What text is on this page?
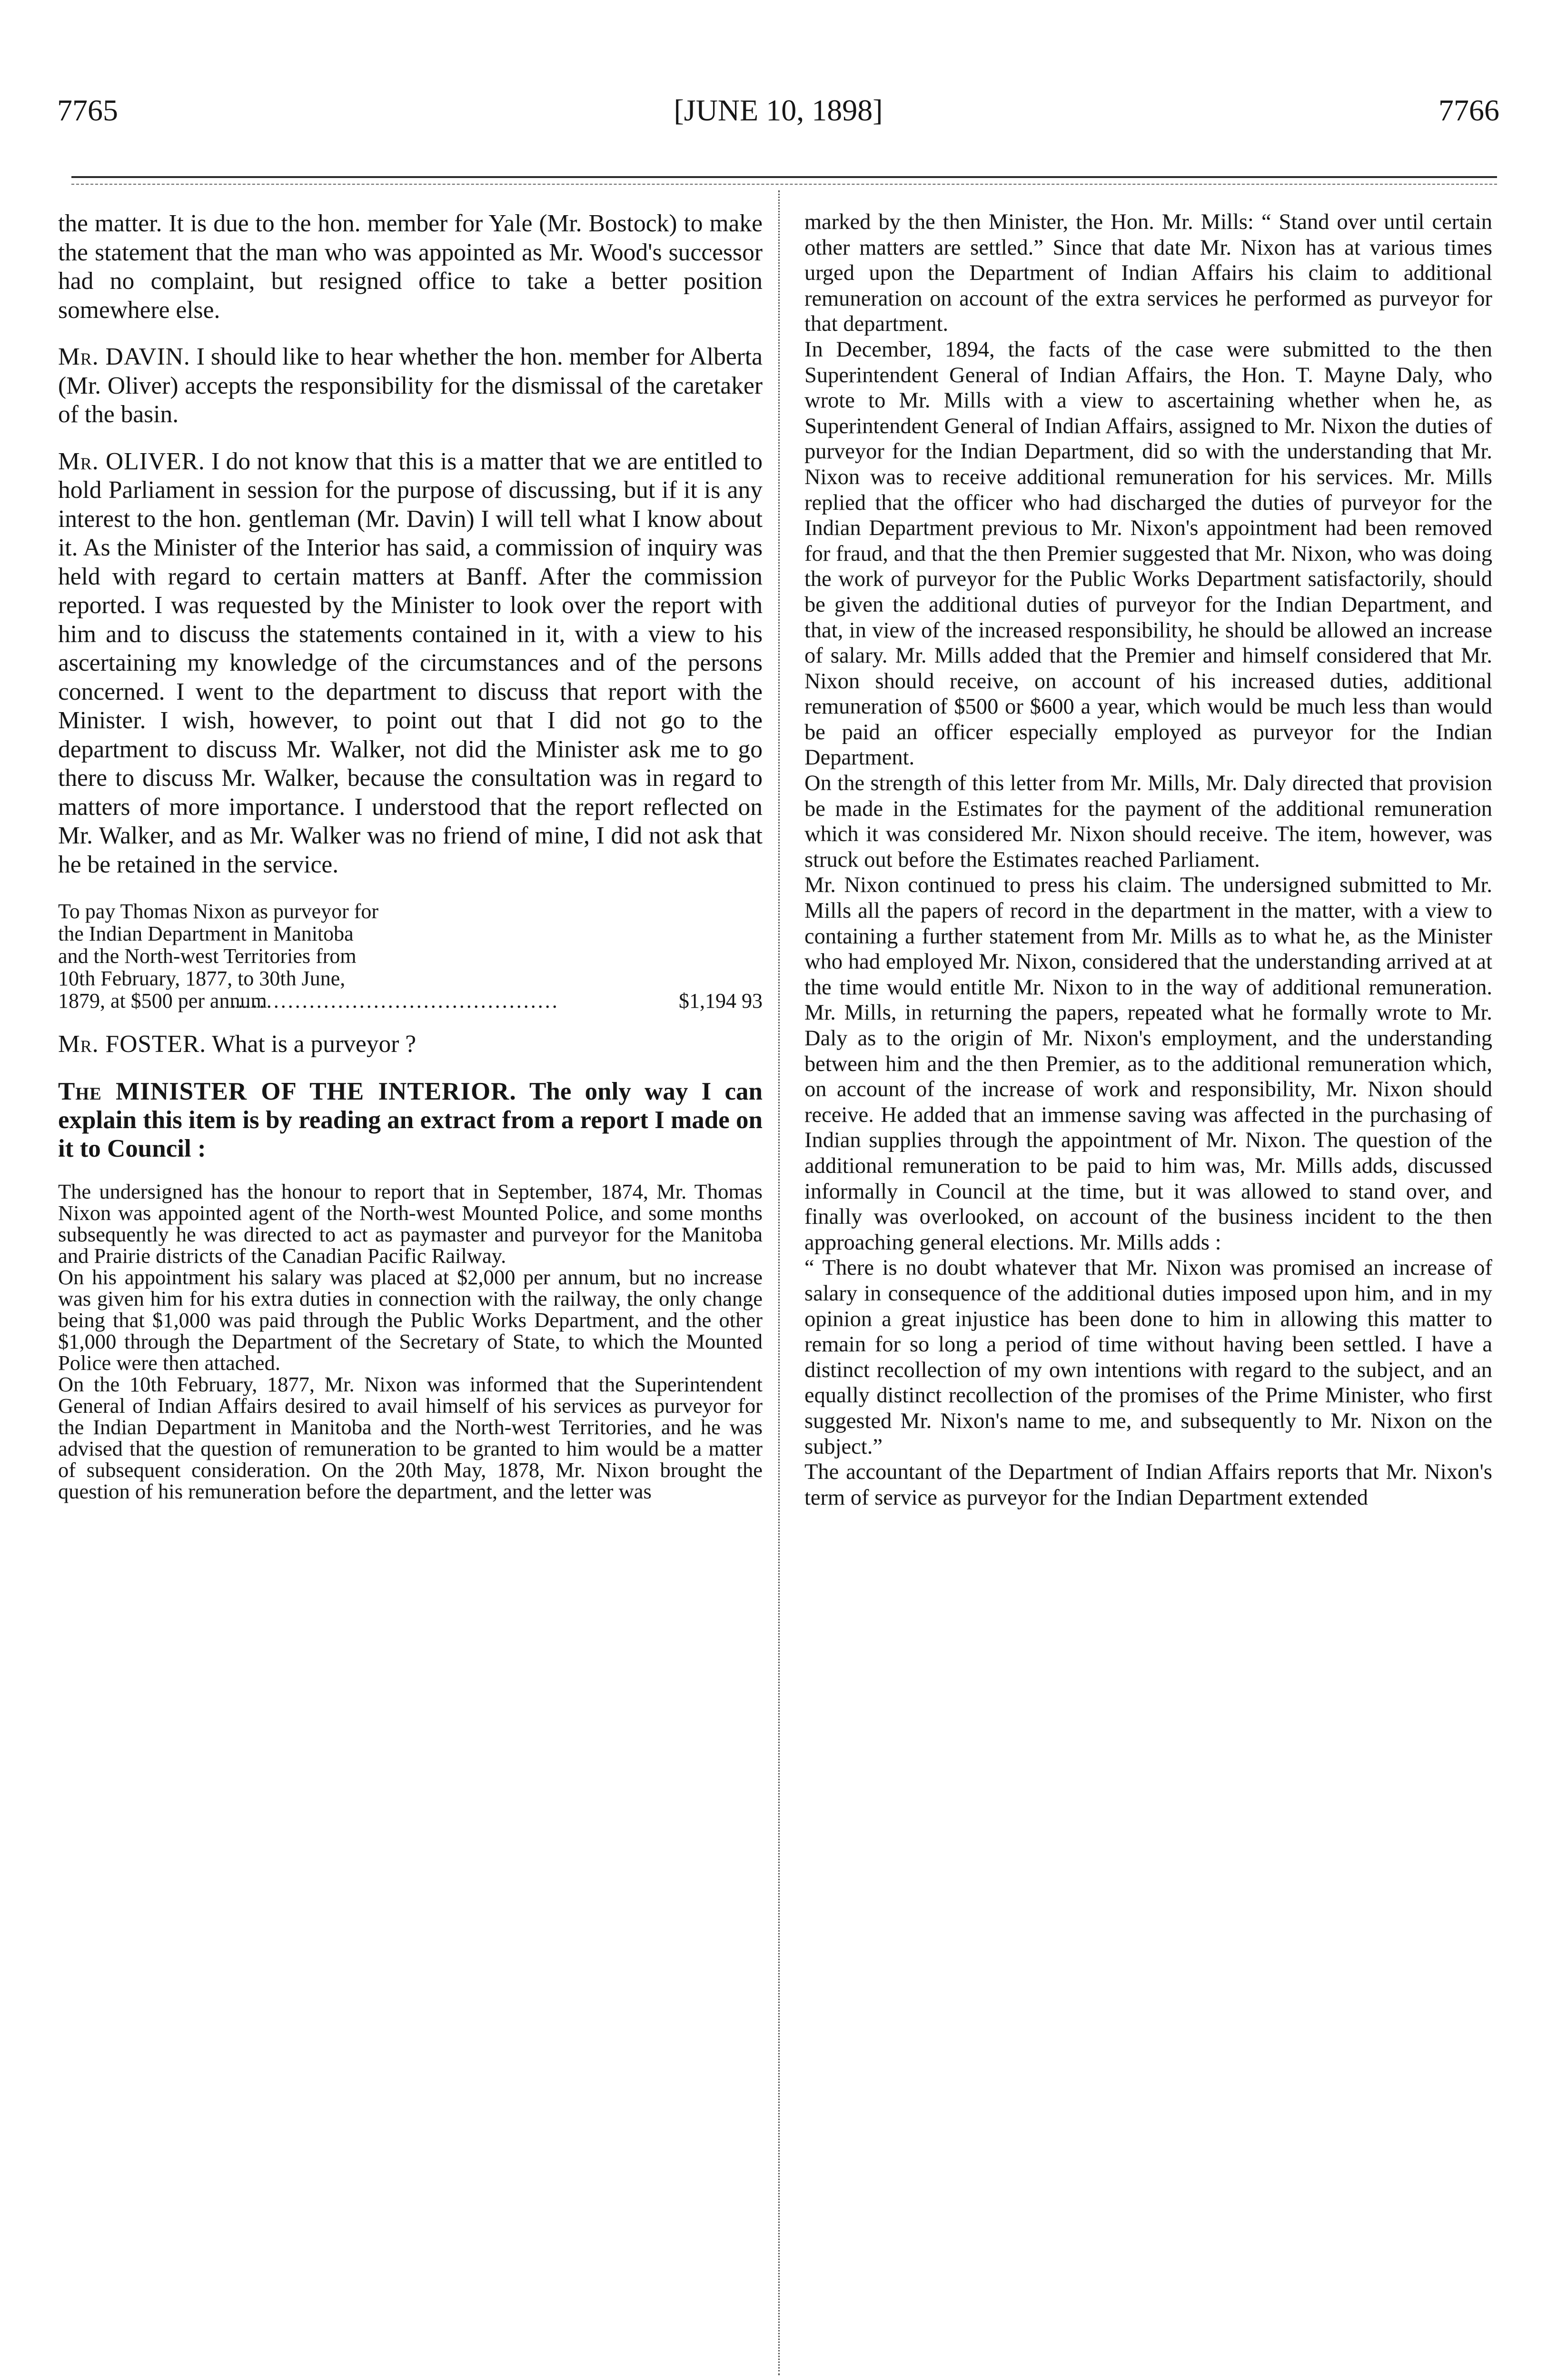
7765	[JUNE 10, 1898]	7766

the matter. It is due to the hon. member for Yale (Mr. Bostock) to make the statement that the man who was appointed as Mr. Wood's successor had no complaint, but resigned office to take a better position somewhere else.

Mr. DAVIN. I should like to hear whether the hon. member for Alberta (Mr. Oliver) accepts the responsibility for the dismissal of the caretaker of the basin.

Mr. OLIVER. I do not know that this is a matter that we are entitled to hold Parliament in session for the purpose of discussing, but if it is any interest to the hon. gentleman (Mr. Davin) I will tell what I know about it. As the Minister of the Interior has said, a commission of inquiry was held with regard to certain matters at Banff. After the commission reported. I was requested by the Minister to look over the report with him and to discuss the statements contained in it, with a view to his ascertaining my knowledge of the circumstances and of the persons concerned. I went to the department to discuss that report with the Minister. I wish, however, to point out that I did not go to the department to discuss Mr. Walker, not did the Minister ask me to go there to discuss Mr. Walker, because the consultation was in regard to matters of more importance. I understood that the report reflected on Mr. Walker, and as Mr. Walker was no friend of mine, I did not ask that he be retained in the service.

To pay Thomas Nixon as purveyor for
the Indian Department in Manitoba
and the North-west Territories from
10th February, 1877, to 30th June,
1879, at $500 per annum
..............................................	$1,194 93

Mr. FOSTER. What is a purveyor ?

The MINISTER OF THE INTERIOR. The only way I can explain this item is by reading an extract from a report I made on it to Council :

The undersigned has the honour to report that in September, 1874, Mr. Thomas Nixon was appointed agent of the North-west Mounted Police, and some months subsequently he was directed to act as paymaster and purveyor for the Manitoba and Prairie districts of the Canadian Pacific Railway.

On his appointment his salary was placed at $2,000 per annum, but no increase was given him for his extra duties in connection with the railway, the only change being that $1,000 was paid through the Public Works Department, and the other $1,000 through the Department of the Secretary of State, to which the Mounted Police were then attached.

On the 10th February, 1877, Mr. Nixon was informed that the Superintendent General of Indian Affairs desired to avail himself of his services as purveyor for the Indian Department in Manitoba and the North-west Territories, and he was advised that the question of remuneration to be granted to him would be a matter of subsequent consideration. On the 20th May, 1878, Mr. Nixon brought the question of his remuneration before the department, and the letter was

marked by the then Minister, the Hon. Mr. Mills: “ Stand over until certain other matters are settled.” Since that date Mr. Nixon has at various times urged upon the Department of Indian Affairs his claim to additional remuneration on account of the extra services he performed as purveyor for that department.

In December, 1894, the facts of the case were submitted to the then Superintendent General of Indian Affairs, the Hon. T. Mayne Daly, who wrote to Mr. Mills with a view to ascertaining whether when he, as Superintendent General of Indian Affairs, assigned to Mr. Nixon the duties of purveyor for the Indian Department, did so with the understanding that Mr. Nixon was to receive additional remuneration for his services. Mr. Mills replied that the officer who had discharged the duties of purveyor for the Indian Department previous to Mr. Nixon's appointment had been removed for fraud, and that the then Premier suggested that Mr. Nixon, who was doing the work of purveyor for the Public Works Department satisfactorily, should be given the additional duties of purveyor for the Indian Department, and that, in view of the increased responsibility, he should be allowed an increase of salary. Mr. Mills added that the Premier and himself considered that Mr. Nixon should receive, on account of his increased duties, additional remuneration of $500 or $600 a year, which would be much less than would be paid an officer especially employed as purveyor for the Indian Department.

On the strength of this letter from Mr. Mills, Mr. Daly directed that provision be made in the Estimates for the payment of the additional remuneration which it was considered Mr. Nixon should receive. The item, however, was struck out before the Estimates reached Parliament.

Mr. Nixon continued to press his claim. The undersigned submitted to Mr. Mills all the papers of record in the department in the matter, with a view to containing a further statement from Mr. Mills as to what he, as the Minister who had employed Mr. Nixon, considered that the understanding arrived at at the time would entitle Mr. Nixon to in the way of additional remuneration. Mr. Mills, in returning the papers, repeated what he formally wrote to Mr. Daly as to the origin of Mr. Nixon's employment, and the understanding between him and the then Premier, as to the additional remuneration which, on account of the increase of work and responsibility, Mr. Nixon should receive. He added that an immense saving was affected in the purchasing of Indian supplies through the appointment of Mr. Nixon. The question of the additional remuneration to be paid to him was, Mr. Mills adds, discussed informally in Council at the time, but it was allowed to stand over, and finally was overlooked, on account of the business incident to the then approaching general elections. Mr. Mills adds :

“ There is no doubt whatever that Mr. Nixon was promised an increase of salary in consequence of the additional duties imposed upon him, and in my opinion a great injustice has been done to him in allowing this matter to remain for so long a period of time without having been settled. I have a distinct recollection of my own intentions with regard to the subject, and an equally distinct recollection of the promises of the Prime Minister, who first suggested Mr. Nixon's name to me, and subsequently to Mr. Nixon on the subject.”

The accountant of the Department of Indian Affairs reports that Mr. Nixon's term of service as purveyor for the Indian Department extended
